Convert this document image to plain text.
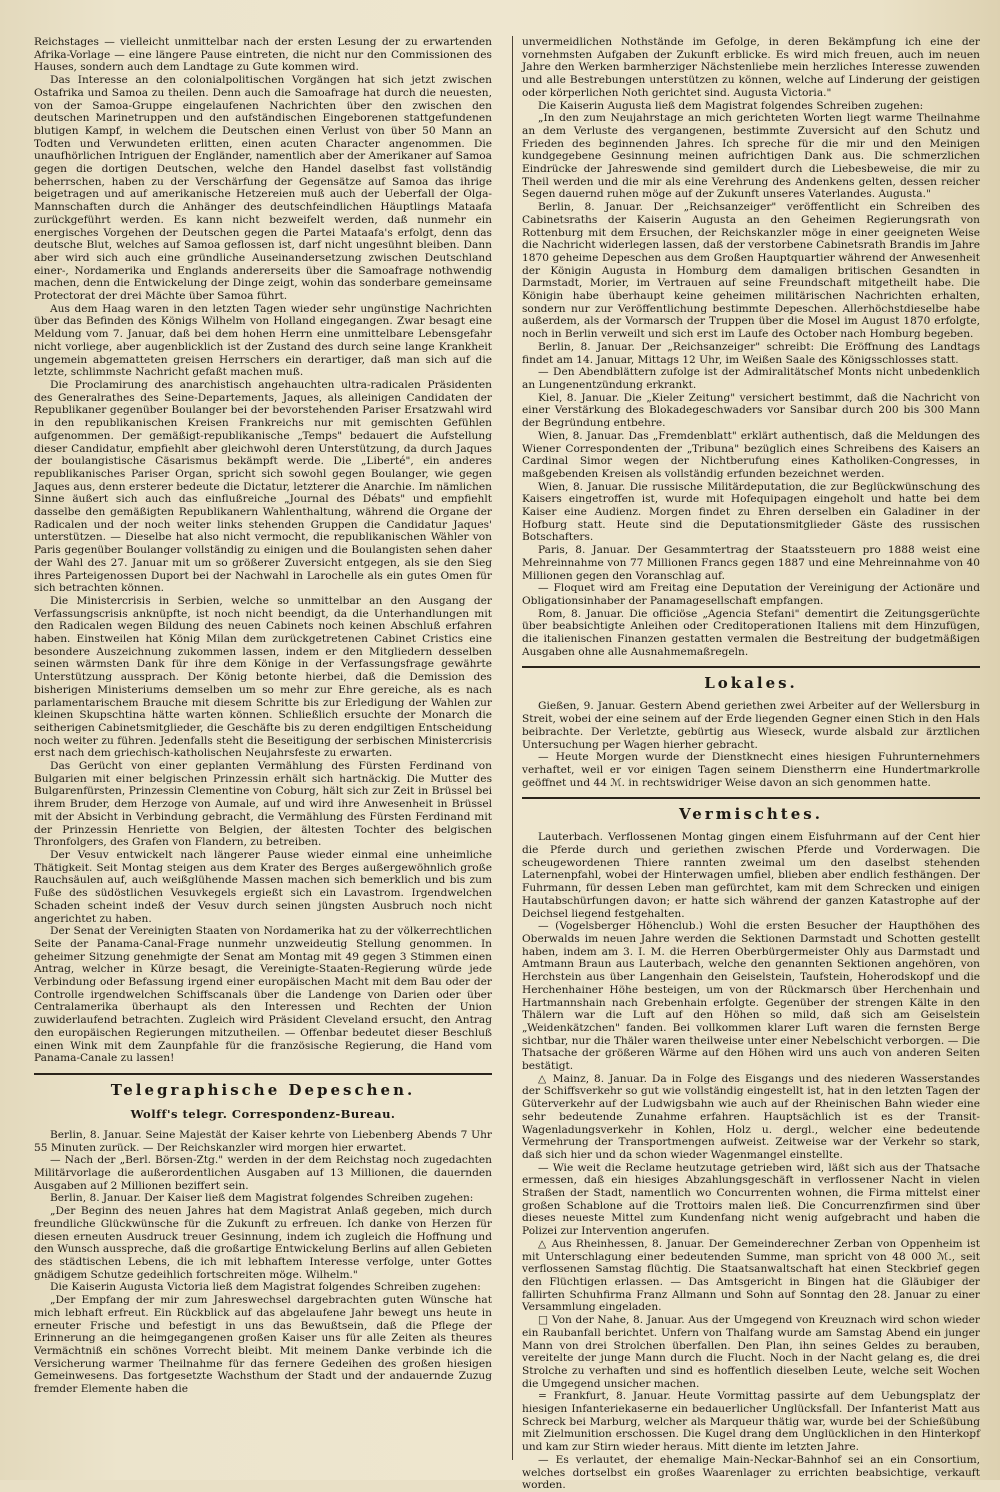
Reichstages — vielleicht unmittelbar nach der ersten Lesung der zu erwartenden Afrika-Vorlage — eine längere Pause eintreten, die nicht nur den Commissionen des Hauses, sondern auch dem Landtage zu Gute kommen wird.

Das Interesse an den colonialpolitischen Vorgängen hat sich jetzt zwischen Ostafrika und Samoa zu theilen. Denn auch die Samoafrage hat durch die neuesten, von der Samoa-Gruppe eingelaufenen Nachrichten über den zwischen den deutschen Marinetruppen und den aufständischen Eingeborenen stattgefundenen blutigen Kampf, in welchem die Deutschen einen Verlust von über 50 Mann an Todten und Verwundeten erlitten, einen acuten Character angenommen. Die unaufhörlichen Intriguen der Engländer, namentlich aber der Amerikaner auf Samoa gegen die dortigen Deutschen, welche den Handel daselbst fast vollständig beherrschen, haben zu der Verschärfung der Gegensätze auf Samoa das ihrige beigetragen und auf amerikanische Hetzereien muß auch der Ueberfall der Olga-Mannschaften durch die Anhänger des deutschfeindlichen Häuptlings Mataafa zurückgeführt werden. Es kann nicht bezweifelt werden, daß nunmehr ein energisches Vorgehen der Deutschen gegen die Partei Mataafa's erfolgt, denn das deutsche Blut, welches auf Samoa geflossen ist, darf nicht ungesühnt bleiben. Dann aber wird sich auch eine gründliche Auseinandersetzung zwischen Deutschland einer-, Nordamerika und Englands andererseits über die Samoafrage nothwendig machen, denn die Entwickelung der Dinge zeigt, wohin das sonderbare gemeinsame Protectorat der drei Mächte über Samoa führt.

Aus dem Haag waren in den letzten Tagen wieder sehr ungünstige Nachrichten über das Befinden des Königs Wilhelm von Holland eingegangen. Zwar besagt eine Meldung vom 7. Januar, daß bei dem hohen Herrn eine unmittelbare Lebensgefahr nicht vorliege, aber augenblicklich ist der Zustand des durch seine lange Krankheit ungemein abgematteten greisen Herrschers ein derartiger, daß man sich auf die letzte, schlimmste Nachricht gefaßt machen muß.

Die Proclamirung des anarchistisch angehauchten ultra-radicalen Präsidenten des Generalrathes des Seine-Departements, Jaques, als alleinigen Candidaten der Republikaner gegenüber Boulanger bei der bevorstehenden Pariser Ersatzwahl wird in den republikanischen Kreisen Frankreichs nur mit gemischten Gefühlen aufgenommen. Der gemäßigt-republikanische „Temps" bedauert die Aufstellung dieser Candidatur, empfiehlt aber gleichwohl deren Unterstützung, da durch Jaques der boulangistische Cäsarismus bekämpft werde. Die „Liberté", ein anderes republikanisches Pariser Organ, spricht sich sowohl gegen Boulanger, wie gegen Jaques aus, denn ersterer bedeute die Dictatur, letzterer die Anarchie. Im nämlichen Sinne äußert sich auch das einflußreiche „Journal des Débats" und empfiehlt dasselbe den gemäßigten Republikanern Wahlenthaltung, während die Organe der Radicalen und der noch weiter links stehenden Gruppen die Candidatur Jaques' unterstützen. — Dieselbe hat also nicht vermocht, die republikanischen Wähler von Paris gegenüber Boulanger vollständig zu einigen und die Boulangisten sehen daher der Wahl des 27. Januar mit um so größerer Zuversicht entgegen, als sie den Sieg ihres Parteigenossen Duport bei der Nachwahl in Larochelle als ein gutes Omen für sich betrachten können.

Die Ministercrisis in Serbien, welche so unmittelbar an den Ausgang der Verfassungscrisis anknüpfte, ist noch nicht beendigt, da die Unterhandlungen mit den Radicalen wegen Bildung des neuen Cabinets noch keinen Abschluß erfahren haben. Einstweilen hat König Milan dem zurückgetretenen Cabinet Cristics eine besondere Auszeichnung zukommen lassen, indem er den Mitgliedern desselben seinen wärmsten Dank für ihre dem Könige in der Verfassungsfrage gewährte Unterstützung aussprach. Der König betonte hierbei, daß die Demission des bisherigen Ministeriums demselben um so mehr zur Ehre gereiche, als es nach parlamentarischem Brauche mit diesem Schritte bis zur Erledigung der Wahlen zur kleinen Skupschtina hätte warten können. Schließlich ersuchte der Monarch die seitherigen Cabinetsmitglieder, die Geschäfte bis zu deren endgiltigen Entscheidung noch weiter zu führen. Jedenfalls steht die Beseitigung der serbischen Ministercrisis erst nach dem griechisch-katholischen Neujahrsfeste zu erwarten.

Das Gerücht von einer geplanten Vermählung des Fürsten Ferdinand von Bulgarien mit einer belgischen Prinzessin erhält sich hartnäckig. Die Mutter des Bulgarenfürsten, Prinzessin Clementine von Coburg, hält sich zur Zeit in Brüssel bei ihrem Bruder, dem Herzoge von Aumale, auf und wird ihre Anwesenheit in Brüssel mit der Absicht in Verbindung gebracht, die Vermählung des Fürsten Ferdinand mit der Prinzessin Henriette von Belgien, der ältesten Tochter des belgischen Thronfolgers, des Grafen von Flandern, zu betreiben.

Der Vesuv entwickelt nach längerer Pause wieder einmal eine unheimliche Thätigkeit. Seit Montag steigen aus dem Krater des Berges außergewöhnlich große Rauchsäulen auf, auch weißglühende Massen machen sich bemerklich und bis zum Fuße des südöstlichen Vesuvkegels ergießt sich ein Lavastrom. Irgendwelchen Schaden scheint indeß der Vesuv durch seinen jüngsten Ausbruch noch nicht angerichtet zu haben.

Der Senat der Vereinigten Staaten von Nordamerika hat zu der völkerrechtlichen Seite der Panama-Canal-Frage nunmehr unzweideutig Stellung genommen. In geheimer Sitzung genehmigte der Senat am Montag mit 49 gegen 3 Stimmen einen Antrag, welcher in Kürze besagt, die Vereinigte-Staaten-Regierung würde jede Verbindung oder Befassung irgend einer europäischen Macht mit dem Bau oder der Controlle irgendwelchen Schiffscanals über die Landenge von Darien oder über Centralamerika überhaupt als den Interessen und Rechten der Union zuwiderlaufend betrachten. Zugleich wird Präsident Cleveland ersucht, den Antrag den europäischen Regierungen mitzutheilen. — Offenbar bedeutet dieser Beschluß einen Wink mit dem Zaunpfahle für die französische Regierung, die Hand vom Panama-Canale zu lassen!

Telegraphische Depeschen.
Wolff's telegr. Correspondenz-Bureau.

Berlin, 8. Januar. Seine Majestät der Kaiser kehrte von Liebenberg Abends 7 Uhr 55 Minuten zurück. — Der Reichskanzler wird morgen hier erwartet.

— Nach der „Berl. Börsen-Ztg." werden in der dem Reichstag noch zugedachten Militärvorlage die außerordentlichen Ausgaben auf 13 Millionen, die dauernden Ausgaben auf 2 Millionen beziffert sein.

Berlin, 8. Januar. Der Kaiser ließ dem Magistrat folgendes Schreiben zugehen:

„Der Beginn des neuen Jahres hat dem Magistrat Anlaß gegeben, mich durch freundliche Glückwünsche für die Zukunft zu erfreuen. Ich danke von Herzen für diesen erneuten Ausdruck treuer Gesinnung, indem ich zugleich die Hoffnung und den Wunsch ausspreche, daß die großartige Entwickelung Berlins auf allen Gebieten des städtischen Lebens, die ich mit lebhaftem Interesse verfolge, unter Gottes gnädigem Schutze gedeihlich fortschreiten möge. Wilhelm."

Die Kaiserin Augusta Victoria ließ dem Magistrat folgendes Schreiben zugehen:

„Der Empfang der mir zum Jahreswechsel dargebrachten guten Wünsche hat mich lebhaft erfreut. Ein Rückblick auf das abgelaufene Jahr bewegt uns heute in erneuter Frische und befestigt in uns das Bewußtsein, daß die Pflege der Erinnerung an die heimgegangenen großen Kaiser uns für alle Zeiten als theures Vermächtniß ein schönes Vorrecht bleibt. Mit meinem Danke verbinde ich die Versicherung warmer Theilnahme für das fernere Gedeihen des großen hiesigen Gemeinwesens. Das fortgesetzte Wachsthum der Stadt und der andauernde Zuzug fremder Elemente haben die

unvermeidlichen Nothstände im Gefolge, in deren Bekämpfung ich eine der vornehmsten Aufgaben der Zukunft erblicke. Es wird mich freuen, auch im neuen Jahre den Werken barmherziger Nächstenliebe mein herzliches Interesse zuwenden und alle Bestrebungen unterstützen zu können, welche auf Linderung der geistigen oder körperlichen Noth gerichtet sind. Augusta Victoria."

Die Kaiserin Augusta ließ dem Magistrat folgendes Schreiben zugehen:

„In den zum Neujahrstage an mich gerichteten Worten liegt warme Theilnahme an dem Verluste des vergangenen, bestimmte Zuversicht auf den Schutz und Frieden des beginnenden Jahres. Ich spreche für die mir und den Meinigen kundgegebene Gesinnung meinen aufrichtigen Dank aus. Die schmerzlichen Eindrücke der Jahreswende sind gemildert durch die Liebesbeweise, die mir zu Theil werden und die mir als eine Verehrung des Andenkens gelten, dessen reicher Segen dauernd ruhen möge auf der Zukunft unseres Vaterlandes. Augusta."

Berlin, 8. Januar. Der „Reichsanzeiger" veröffentlicht ein Schreiben des Cabinetsraths der Kaiserin Augusta an den Geheimen Regierungsrath von Rottenburg mit dem Ersuchen, der Reichskanzler möge in einer geeigneten Weise die Nachricht widerlegen lassen, daß der verstorbene Cabinetsrath Brandis im Jahre 1870 geheime Depeschen aus dem Großen Hauptquartier während der Anwesenheit der Königin Augusta in Homburg dem damaligen britischen Gesandten in Darmstadt, Morier, im Vertrauen auf seine Freundschaft mitgetheilt habe. Die Königin habe überhaupt keine geheimen militärischen Nachrichten erhalten, sondern nur zur Veröffentlichung bestimmte Depeschen. Allerhöchstdieselbe habe außerdem, als der Vormarsch der Truppen über die Mosel im August 1870 erfolgte, noch in Berlin verweilt und sich erst im Laufe des October nach Homburg begeben.

Berlin, 8. Januar. Der „Reichsanzeiger" schreibt: Die Eröffnung des Landtags findet am 14. Januar, Mittags 12 Uhr, im Weißen Saale des Königsschlosses statt.

— Den Abendblättern zufolge ist der Admiralitätschef Monts nicht unbedenklich an Lungenentzündung erkrankt.

Kiel, 8. Januar. Die „Kieler Zeitung" versichert bestimmt, daß die Nachricht von einer Verstärkung des Blokadegeschwaders vor Sansibar durch 200 bis 300 Mann der Begründung entbehre.

Wien, 8. Januar. Das „Fremdenblatt" erklärt authentisch, daß die Meldungen des Wiener Correspondenten der „Tribuna" bezüglich eines Schreibens des Kaisers an Cardinal Simor wegen der Nichtberufung eines Katholiken-Congresses, in maßgebenden Kreisen als vollständig erfunden bezeichnet werden.

Wien, 8. Januar. Die russische Militärdeputation, die zur Beglückwünschung des Kaisers eingetroffen ist, wurde mit Hofequipagen eingeholt und hatte bei dem Kaiser eine Audienz. Morgen findet zu Ehren derselben ein Galadiner in der Hofburg statt. Heute sind die Deputationsmitglieder Gäste des russischen Botschafters.

Paris, 8. Januar. Der Gesammtertrag der Staatssteuern pro 1888 weist eine Mehreinnahme von 77 Millionen Francs gegen 1887 und eine Mehreinnahme von 40 Millionen gegen den Voranschlag auf.

— Floquet wird am Freitag eine Deputation der Vereinigung der Actionäre und Obligationsinhaber der Panamagesellschaft empfangen.

Rom, 8. Januar. Die officiöse „Agencia Stefani" dementirt die Zeitungsgerüchte über beabsichtigte Anleihen oder Creditoperationen Italiens mit dem Hinzufügen, die italienischen Finanzen gestatten vermalen die Bestreitung der budgetmäßigen Ausgaben ohne alle Ausnahmemaßregeln.

Lokales.

Gießen, 9. Januar. Gestern Abend geriethen zwei Arbeiter auf der Wellersburg in Streit, wobei der eine seinem auf der Erde liegenden Gegner einen Stich in den Hals beibrachte. Der Verletzte, gebürtig aus Wieseck, wurde alsbald zur ärztlichen Untersuchung per Wagen hierher gebracht.

— Heute Morgen wurde der Dienstknecht eines hiesigen Fuhrunternehmers verhaftet, weil er vor einigen Tagen seinem Dienstherrn eine Hundertmarkrolle geöffnet und 44 ℳ. in rechtswidriger Weise davon an sich genommen hatte.

Vermischtes.

Lauterbach. Verflossenen Montag gingen einem Eisfuhrmann auf der Cent hier die Pferde durch und geriethen zwischen Pferde und Vorderwagen. Die scheugewordenen Thiere rannten zweimal um den daselbst stehenden Laternenpfahl, wobei der Hinterwagen umfiel, blieben aber endlich festhängen. Der Fuhrmann, für dessen Leben man gefürchtet, kam mit dem Schrecken und einigen Hautabschürfungen davon; er hatte sich während der ganzen Katastrophe auf der Deichsel liegend festgehalten.

— (Vogelsberger Höhenclub.) Wohl die ersten Besucher der Haupthöhen des Oberwalds im neuen Jahre werden die Sektionen Darmstadt und Schotten gestellt haben, indem am 3. I. M. die Herren Oberbürgermeister Ohly aus Darmstadt und Amtmann Braun aus Lauterbach, welche den genannten Sektionen angehören, von Herchstein aus über Langenhain den Geiselstein, Taufstein, Hoherodskopf und die Herchenhainer Höhe besteigen, um von der Rückmarsch über Herchenhain und Hartmannshain nach Grebenhain erfolgte. Gegenüber der strengen Kälte in den Thälern war die Luft auf den Höhen so mild, daß sich am Geiselstein „Weidenkätzchen" fanden. Bei vollkommen klarer Luft waren die fernsten Berge sichtbar, nur die Thäler waren theilweise unter einer Nebelschicht verborgen. — Die Thatsache der größeren Wärme auf den Höhen wird uns auch von anderen Seiten bestätigt.

△ Mainz, 8. Januar. Da in Folge des Eisgangs und des niederen Wasserstandes der Schiffsverkehr so gut wie vollständig eingestellt ist, hat in den letzten Tagen der Güterverkehr auf der Ludwigsbahn wie auch auf der Rheinischen Bahn wieder eine sehr bedeutende Zunahme erfahren. Hauptsächlich ist es der Transit-Wagenladungsverkehr in Kohlen, Holz u. dergl., welcher eine bedeutende Vermehrung der Transportmengen aufweist. Zeitweise war der Verkehr so stark, daß sich hier und da schon wieder Wagenmangel einstellte.

— Wie weit die Reclame heutzutage getrieben wird, läßt sich aus der Thatsache ermessen, daß ein hiesiges Abzahlungsgeschäft in verflossener Nacht in vielen Straßen der Stadt, namentlich wo Concurrenten wohnen, die Firma mittelst einer großen Schablone auf die Trottoirs malen ließ. Die Concurrenzfirmen sind über dieses neueste Mittel zum Kundenfang nicht wenig aufgebracht und haben die Polizei zur Intervention angerufen.

△ Aus Rheinhessen, 8. Januar. Der Gemeinderechner Zerban von Oppenheim ist mit Unterschlagung einer bedeutenden Summe, man spricht von 48 000 ℳ., seit verflossenen Samstag flüchtig. Die Staatsanwaltschaft hat einen Steckbrief gegen den Flüchtigen erlassen. — Das Amtsgericht in Bingen hat die Gläubiger der fallirten Schuhfirma Franz Allmann und Sohn auf Sonntag den 28. Januar zu einer Versammlung eingeladen.

□ Von der Nahe, 8. Januar. Aus der Umgegend von Kreuznach wird schon wieder ein Raubanfall berichtet. Unfern von Thalfang wurde am Samstag Abend ein junger Mann von drei Strolchen überfallen. Den Plan, ihn seines Geldes zu berauben, vereitelte der junge Mann durch die Flucht. Noch in der Nacht gelang es, die drei Strolche zu verhaften und sind es hoffentlich dieselben Leute, welche seit Wochen die Umgegend unsicher machen.

= Frankfurt, 8. Januar. Heute Vormittag passirte auf dem Uebungsplatz der hiesigen Infanteriekaserne ein bedauerlicher Unglücksfall. Der Infanterist Matt aus Schreck bei Marburg, welcher als Marqueur thätig war, wurde bei der Schießübung mit Zielmunition erschossen. Die Kugel drang dem Unglücklichen in den Hinterkopf und kam zur Stirn wieder heraus. Mitt diente im letzten Jahre.

— Es verlautet, der ehemalige Main-Neckar-Bahnhof sei an ein Consortium, welches dortselbst ein großes Waarenlager zu errichten beabsichtige, verkauft worden.
